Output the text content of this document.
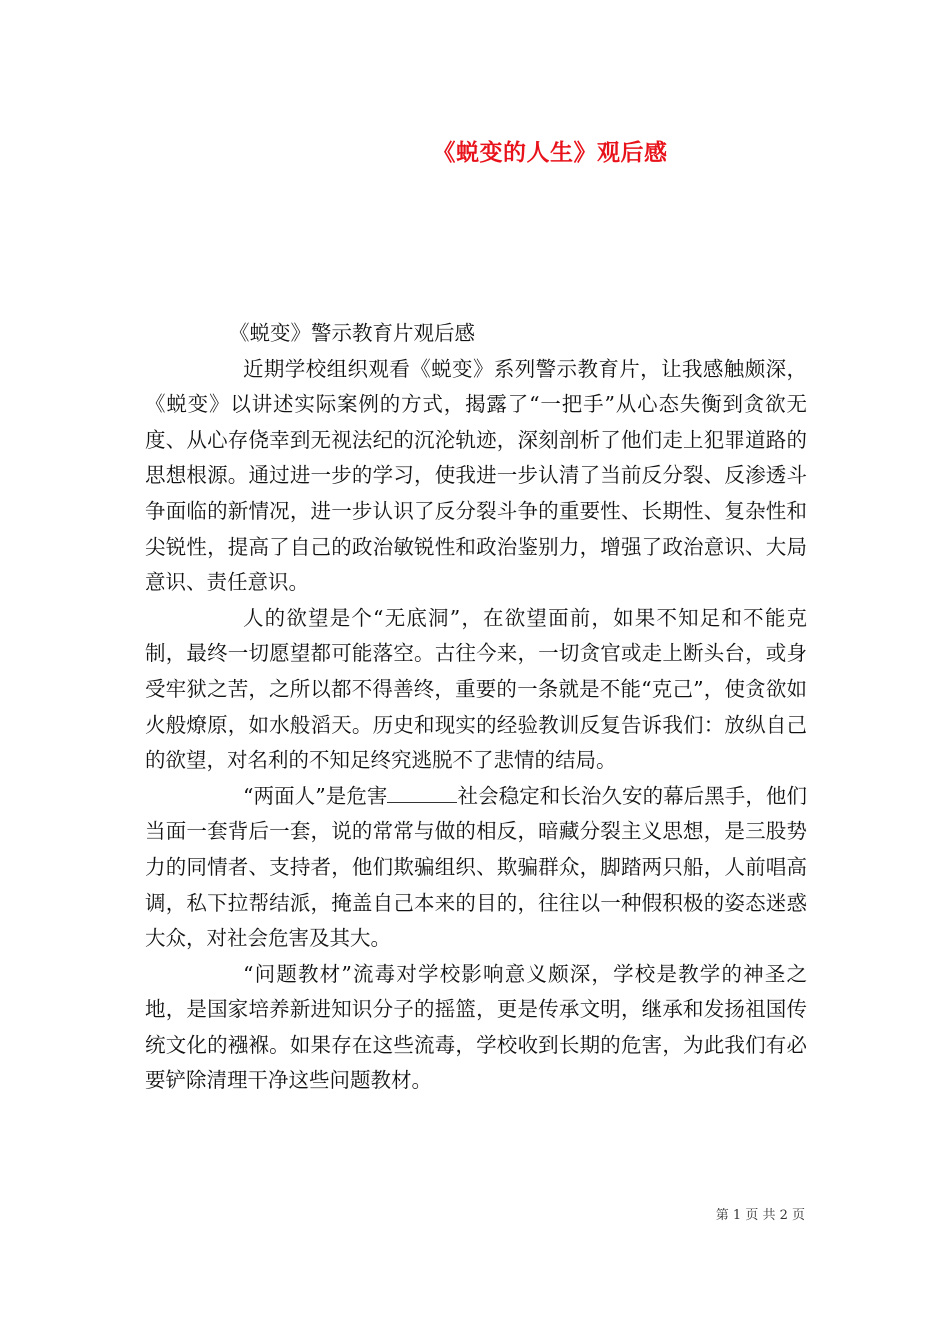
《蜕变的人生》观后感

《蜕变》警示教育片观后感

近期学校组织观看《蜕变》系列警示教育片，让我感触颇深，《蜕变》以讲述实际案例的方式，揭露了“一把手”从心态失衡到贪欲无度、从心存侥幸到无视法纪的沉沦轨迹，深刻剖析了他们走上犯罪道路的思想根源。通过进一步的学习，使我进一步认清了当前反分裂、反渗透斗争面临的新情况，进一步认识了反分裂斗争的重要性、长期性、复杂性和尖锐性，提高了自己的政治敏锐性和政治鉴别力，增强了政治意识、大局意识、责任意识。

人的欲望是个“无底洞”，在欲望面前，如果不知足和不能克制，最终一切愿望都可能落空。古往今来，一切贪官或走上断头台，或身受牢狱之苦，之所以都不得善终，重要的一条就是不能“克己”，使贪欲如火般燎原，如水般滔天。历史和现实的经验教训反复告诉我们：放纵自己的欲望，对名利的不知足终究逃脱不了悲情的结局。

“两面人”是危害	社会稳定和长治久安的幕后黑手，他们当面一套背后一套，说的常常与做的相反，暗藏分裂主义思想，是三股势力的同情者、支持者，他们欺骗组织、欺骗群众，脚踏两只船，人前唱高调，私下拉帮结派，掩盖自己本来的目的，往往以一种假积极的姿态迷惑大众，对社会危害及其大。

“问题教材”流毒对学校影响意义颇深，学校是教学的神圣之地，是国家培养新进知识分子的摇篮，更是传承文明，继承和发扬祖国传统文化的襁褓。如果存在这些流毒，学校收到长期的危害，为此我们有必要铲除清理干净这些问题教材。

第 1 页 共 2 页
